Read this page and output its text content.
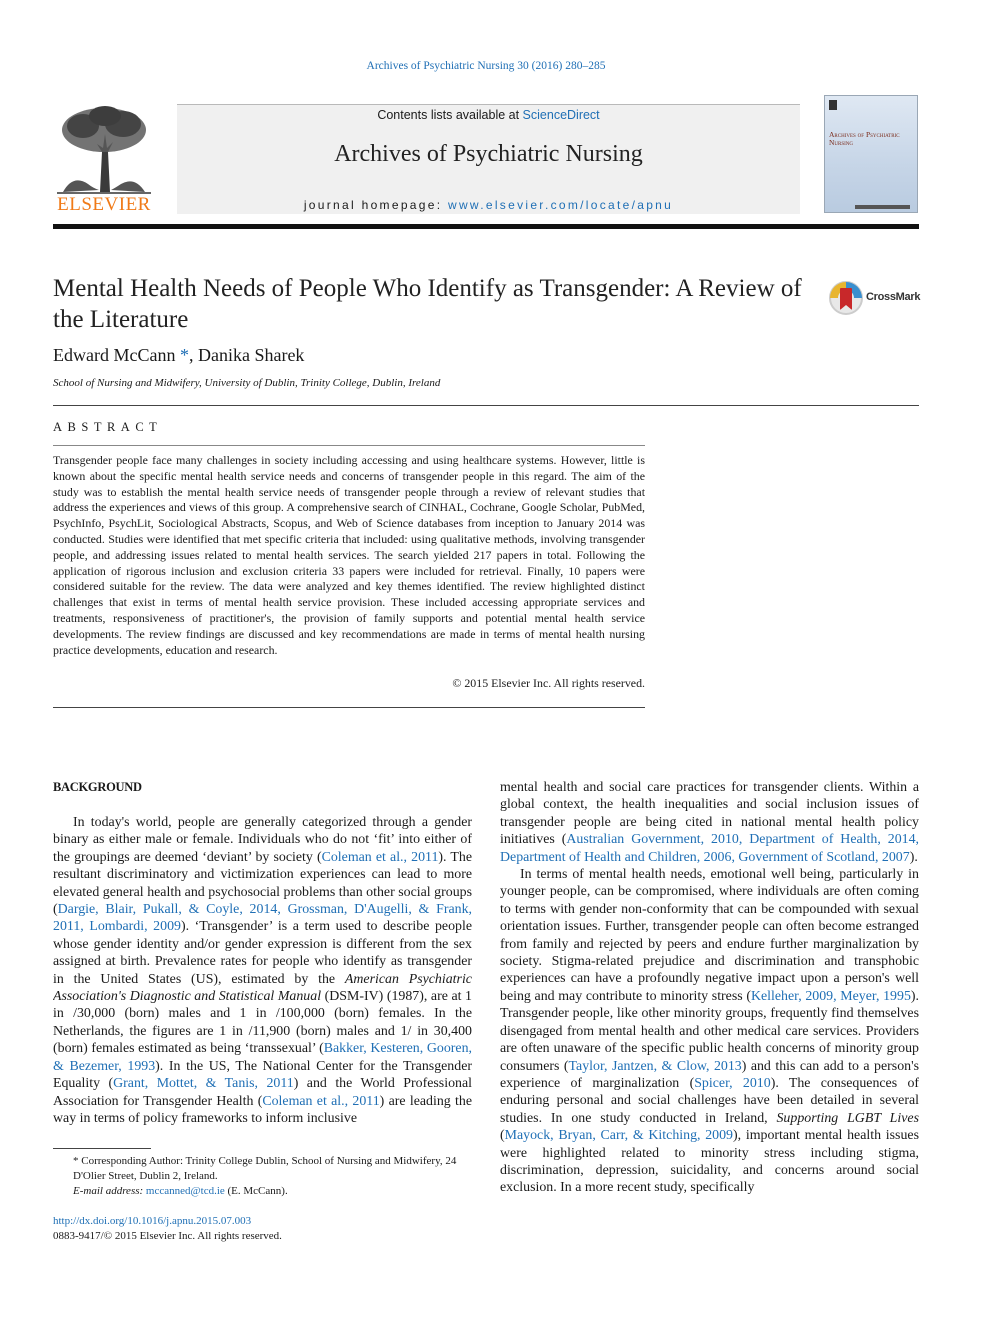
Archives of Psychiatric Nursing 30 (2016) 280–285
ELSEVIER
Contents lists available at ScienceDirect
Archives of Psychiatric Nursing
journal homepage: www.elsevier.com/locate/apnu
Archives of Psychiatric Nursing
Mental Health Needs of People Who Identify as Transgender: A Review of the Literature
CrossMark
Edward McCann *, Danika Sharek
School of Nursing and Midwifery, University of Dublin, Trinity College, Dublin, Ireland
ABSTRACT
Transgender people face many challenges in society including accessing and using healthcare systems. However, little is known about the specific mental health service needs and concerns of transgender people in this regard. The aim of the study was to establish the mental health service needs of transgender people through a review of relevant studies that address the experiences and views of this group. A comprehensive search of CINHAL, Cochrane, Google Scholar, PubMed, PsychInfo, PsychLit, Sociological Abstracts, Scopus, and Web of Science databases from inception to January 2014 was conducted. Studies were identified that met specific criteria that included: using qualitative methods, involving transgender people, and addressing issues related to mental health services. The search yielded 217 papers in total. Following the application of rigorous inclusion and exclusion criteria 33 papers were included for retrieval. Finally, 10 papers were considered suitable for the review. The data were analyzed and key themes identified. The review highlighted distinct challenges that exist in terms of mental health service provision. These included accessing appropriate services and treatments, responsiveness of practitioner's, the provision of family supports and potential mental health service developments. The review findings are discussed and key recommendations are made in terms of mental health nursing practice developments, education and research.
© 2015 Elsevier Inc. All rights reserved.
BACKGROUND

In today's world, people are generally categorized through a gender binary as either male or female. Individuals who do not ‘fit’ into either of the groupings are deemed ‘deviant’ by society (Coleman et al., 2011). The resultant discriminatory and victimization experiences can lead to more elevated general health and psychosocial problems than other social groups (Dargie, Blair, Pukall, & Coyle, 2014, Grossman, D'Augelli, & Frank, 2011, Lombardi, 2009). ‘Transgender’ is a term used to describe people whose gender identity and/or gender expression is different from the sex assigned at birth. Prevalence rates for people who identify as transgender in the United States (US), estimated by the American Psychiatric Association's Diagnostic and Statistical Manual (DSM-IV) (1987), are at 1 in /30,000 (born) males and 1 in /100,000 (born) females. In the Netherlands, the figures are 1 in /11,900 (born) males and 1/ in 30,400 (born) females estimated as being ‘transsexual’ (Bakker, Kesteren, Gooren, & Bezemer, 1993). In the US, The National Center for the Transgender Equality (Grant, Mottet, & Tanis, 2011) and the World Professional Association for Transgender Health (Coleman et al., 2011) are leading the way in terms of policy frameworks to inform inclusive

mental health and social care practices for transgender clients. Within a global context, the health inequalities and social inclusion issues of transgender people are being cited in national mental health policy initiatives (Australian Government, 2010, Department of Health, 2014, Department of Health and Children, 2006, Government of Scotland, 2007).

In terms of mental health needs, emotional well being, particularly in younger people, can be compromised, where individuals are often coming to terms with gender non-conformity that can be compounded with sexual orientation issues. Further, transgender people can often become estranged from family and rejected by peers and endure further marginalization by society. Stigma-related prejudice and discrimination and transphobic experiences can have a profoundly negative impact upon a person's well being and may contribute to minority stress (Kelleher, 2009, Meyer, 1995). Transgender people, like other minority groups, frequently find themselves disengaged from mental health and other medical care services. Providers are often unaware of the specific public health concerns of minority group consumers (Taylor, Jantzen, & Clow, 2013) and this can add to a person's experience of marginalization (Spicer, 2010). The consequences of enduring personal and social challenges have been detailed in several studies. In one study conducted in Ireland, Supporting LGBT Lives (Mayock, Bryan, Carr, & Kitching, 2009), important mental health issues were highlighted related to minority stress including stigma, discrimination, depression, suicidality, and concerns around social exclusion. In a more recent study, specifically

* Corresponding Author: Trinity College Dublin, School of Nursing and Midwifery, 24 D'Olier Street, Dublin 2, Ireland.
E-mail address: mccanned@tcd.ie (E. McCann).
http://dx.doi.org/10.1016/j.apnu.2015.07.003
0883-9417/© 2015 Elsevier Inc. All rights reserved.
